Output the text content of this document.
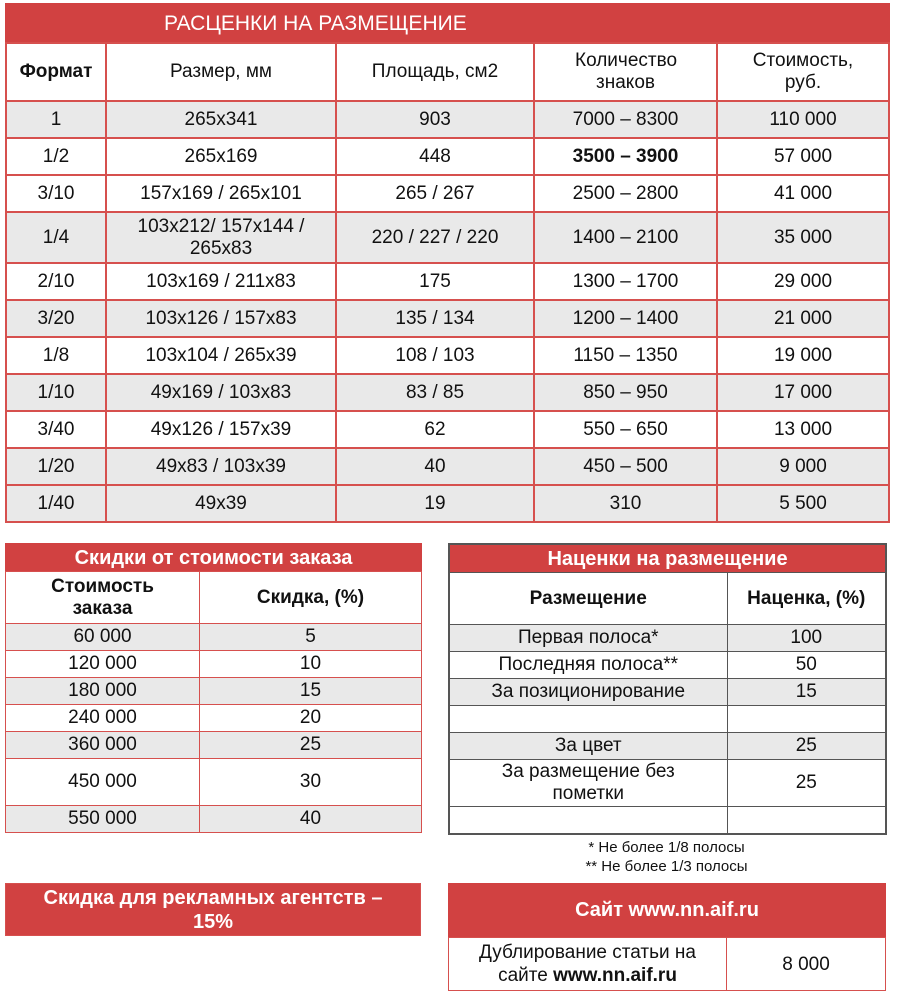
РАСЦЕНКИ НА РАЗМЕЩЕНИЕ				
Формат	Размер, мм	Площадь, см2	Количество знаков	Стоимость, руб.
1	265x341	903	7000 – 8300	110 000
1/2	265x169	448	3500 – 3900	57 000
3/10	157x169 / 265x101	265 / 267	2500 – 2800	41 000
1/4	103x212/ 157x144 / 265x83	220 / 227 / 220	1400 – 2100	35 000
2/10	103x169 / 211x83	175	1300 – 1700	29 000
3/20	103x126 / 157x83	135 / 134	1200 – 1400	21 000
1/8	103x104 / 265x39	108 / 103	1150 – 1350	19 000
1/10	49x169 / 103x83	83 / 85	850 – 950	17 000
3/40	49x126 / 157x39	62	550 – 650	13 000
1/20	49x83 / 103x39	40	450 – 500	9 000
1/40	49x39	19	310	5 500
Скидки от стоимости заказа	
Стоимость заказа	Скидка, (%)
60 000	5
120 000	10
180 000	15
240 000	20
360 000	25
450 000	30
550 000	40
Наценки на размещение	
Размещение	Наценка, (%)
Первая полоса*	100
Последняя полоса**	50
За позиционирование	15

За цвет	25
За размещение без пометки	25

* Не более 1/8 полосы
** Не более 1/3 полосы
Скидка для рекламных агентств – 15%
Сайт www.nn.aif.ru
Дублирование статьи на сайте www.nn.aif.ru	8 000
